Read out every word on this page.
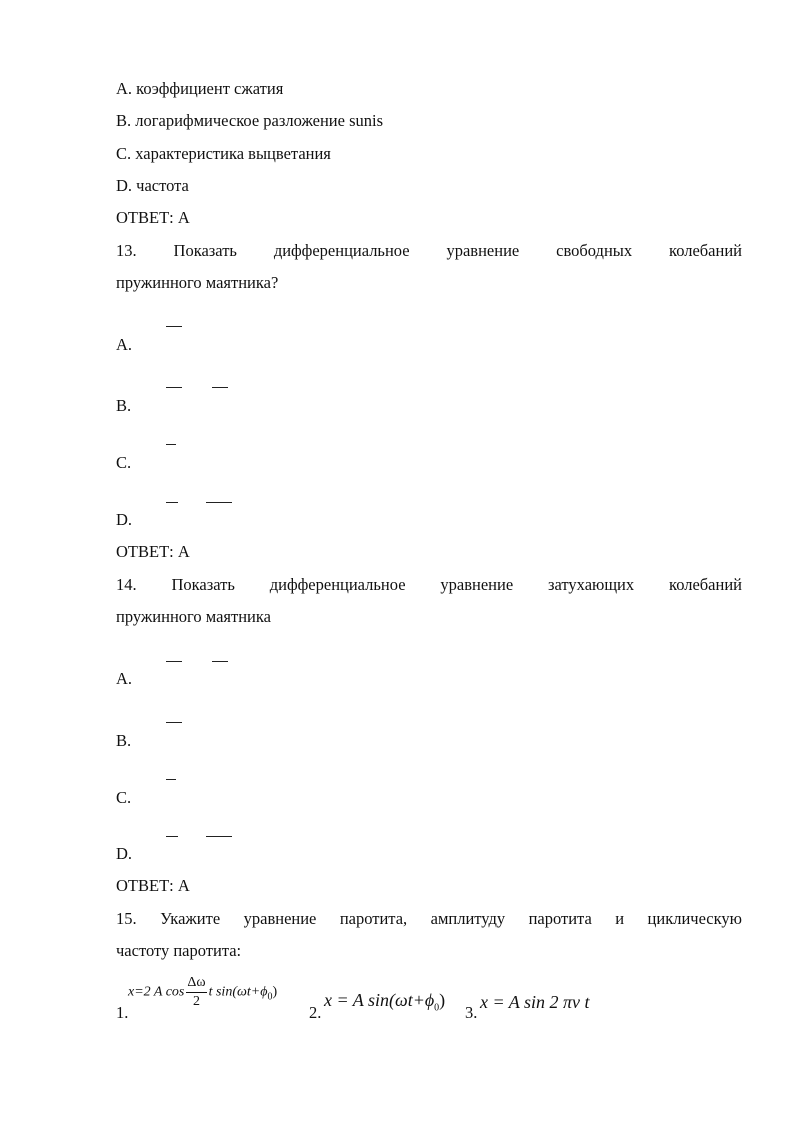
A. коэффициент сжатия
B. логарифмическое разложение sunis
C. характеристика выцветания
D. частота
ОТВЕТ: А
13. Показать дифференциальное уравнение свободных колебаний
пружинного маятника?
A.
B.
C.
D.
ОТВЕТ: А
14. Показать дифференциальное уравнение затухающих колебаний
пружинного маятника
A.
B.
C.
D.
ОТВЕТ: А
15. Укажите уравнение паротита, амплитуду паротита и циклическую
частоту паротита:
1.
x=2 A $\cos \frac{\Delta\omega}{2}$ t $\sin(\omega t+\phi_0)$
2.
x = A $\sin(\omega t+\phi_0)$
3.
x = A sin 2 πν t
